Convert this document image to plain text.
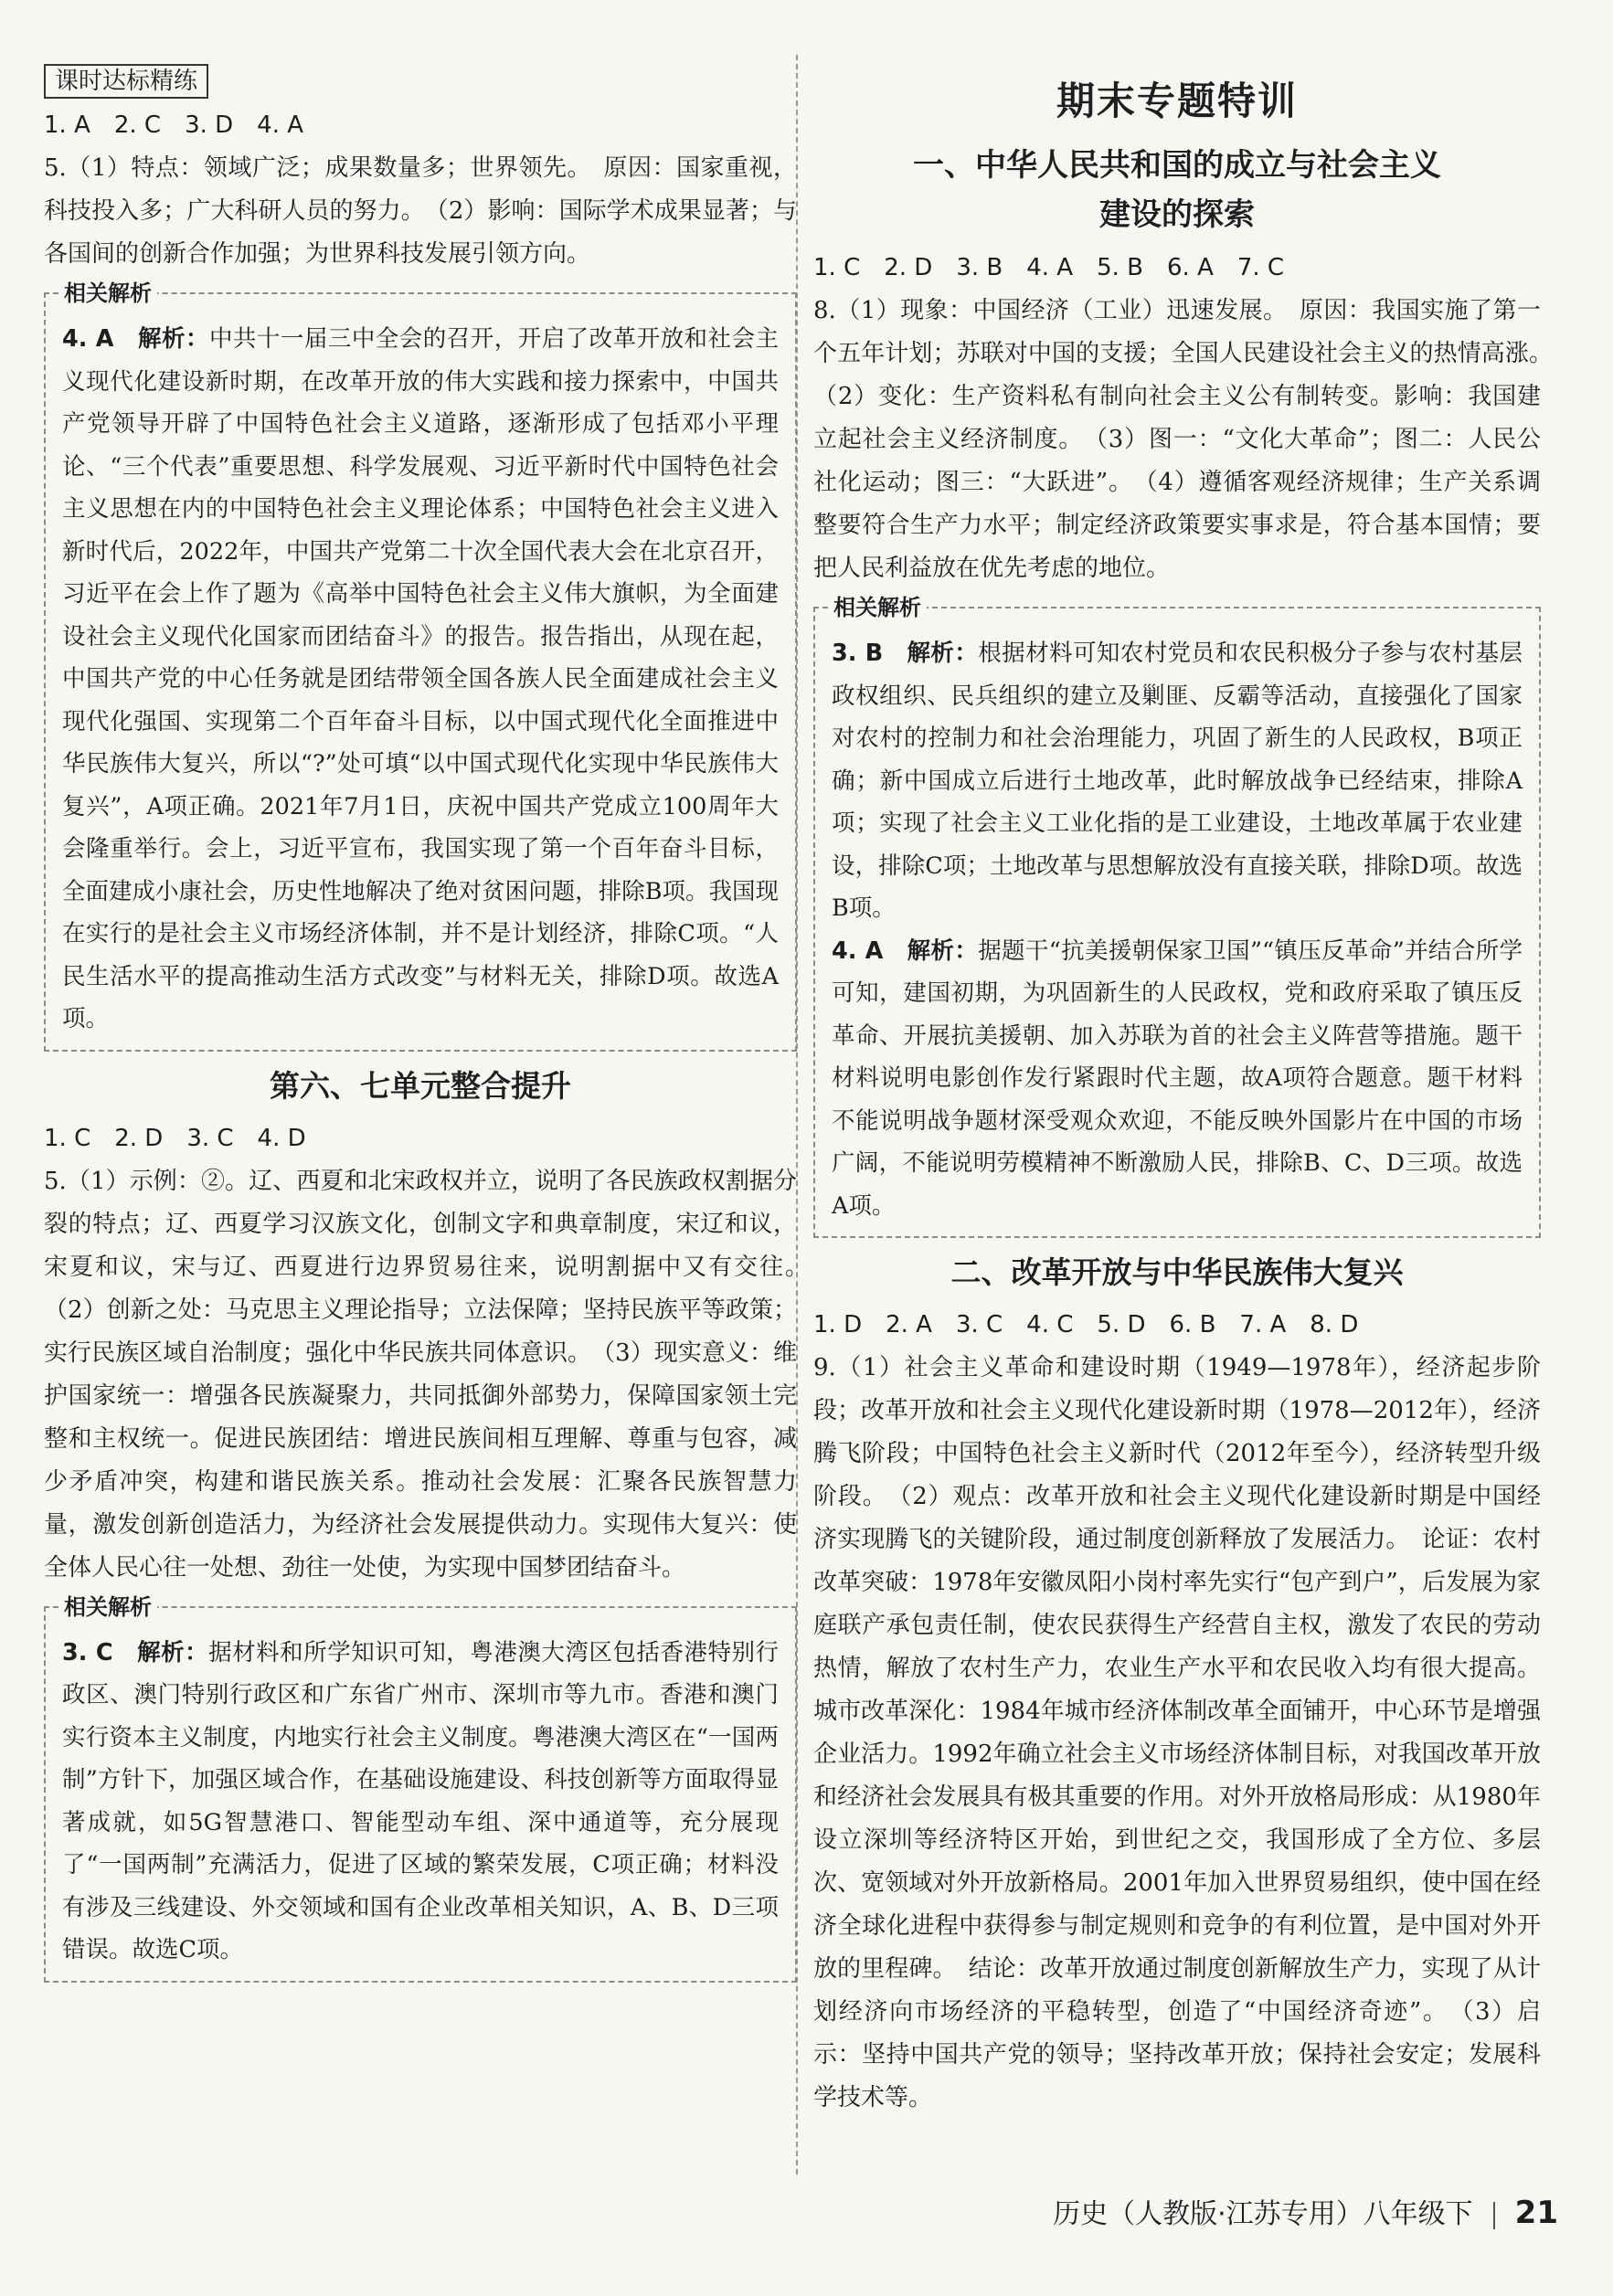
课时达标精练

1. A　2. C　3. D　4. A

5.（1）特点：领域广泛；成果数量多；世界领先。　原因：国家重视，科技投入多；广大科研人员的努力。　（2）影响：国际学术成果显著；与各国间的创新合作加强；为世界科技发展引领方向。

相关解析

4. A　解析：中共十一届三中全会的召开，开启了改革开放和社会主义现代化建设新时期，在改革开放的伟大实践和接力探索中，中国共产党领导开辟了中国特色社会主义道路，逐渐形成了包括邓小平理论、“三个代表”重要思想、科学发展观、习近平新时代中国特色社会主义思想在内的中国特色社会主义理论体系；中国特色社会主义进入新时代后，2022年，中国共产党第二十次全国代表大会在北京召开，习近平在会上作了题为《高举中国特色社会主义伟大旗帜，为全面建设社会主义现代化国家而团结奋斗》的报告。报告指出，从现在起，中国共产党的中心任务就是团结带领全国各族人民全面建成社会主义现代化强国、实现第二个百年奋斗目标，以中国式现代化全面推进中华民族伟大复兴，所以“?”处可填“以中国式现代化实现中华民族伟大复兴”，A项正确。2021年7月1日，庆祝中国共产党成立100周年大会隆重举行。会上，习近平宣布，我国实现了第一个百年奋斗目标，全面建成小康社会，历史性地解决了绝对贫困问题，排除B项。我国现在实行的是社会主义市场经济体制，并不是计划经济，排除C项。“人民生活水平的提高推动生活方式改变”与材料无关，排除D项。故选A项。

第六、七单元整合提升

1. C　2. D　3. C　4. D

5.（1）示例：②。辽、西夏和北宋政权并立，说明了各民族政权割据分裂的特点；辽、西夏学习汉族文化，创制文字和典章制度，宋辽和议，宋夏和议，宋与辽、西夏进行边界贸易往来，说明割据中又有交往。　（2）创新之处：马克思主义理论指导；立法保障；坚持民族平等政策；实行民族区域自治制度；强化中华民族共同体意识。　（3）现实意义：维护国家统一：增强各民族凝聚力，共同抵御外部势力，保障国家领土完整和主权统一。促进民族团结：增进民族间相互理解、尊重与包容，减少矛盾冲突，构建和谐民族关系。推动社会发展：汇聚各民族智慧力量，激发创新创造活力，为经济社会发展提供动力。实现伟大复兴：使全体人民心往一处想、劲往一处使，为实现中国梦团结奋斗。

相关解析

3. C　解析：据材料和所学知识可知，粤港澳大湾区包括香港特别行政区、澳门特别行政区和广东省广州市、深圳市等九市。香港和澳门实行资本主义制度，内地实行社会主义制度。粤港澳大湾区在“一国两制”方针下，加强区域合作，在基础设施建设、科技创新等方面取得显著成就，如5G智慧港口、智能型动车组、深中通道等，充分展现了“一国两制”充满活力，促进了区域的繁荣发展，C项正确；材料没有涉及三线建设、外交领域和国有企业改革相关知识，A、B、D三项错误。故选C项。

期末专题特训
一、中华人民共和国的成立与社会主义
建设的探索

1. C　2. D　3. B　4. A　5. B　6. A　7. C

8.（1）现象：中国经济（工业）迅速发展。　原因：我国实施了第一个五年计划；苏联对中国的支援；全国人民建设社会主义的热情高涨。　（2）变化：生产资料私有制向社会主义公有制转变。影响：我国建立起社会主义经济制度。　（3）图一：“文化大革命”；图二：人民公社化运动；图三：“大跃进”。　（4）遵循客观经济规律；生产关系调整要符合生产力水平；制定经济政策要实事求是，符合基本国情；要把人民利益放在优先考虑的地位。

相关解析

3. B　解析：根据材料可知农村党员和农民积极分子参与农村基层政权组织、民兵组织的建立及剿匪、反霸等活动，直接强化了国家对农村的控制力和社会治理能力，巩固了新生的人民政权，B项正确；新中国成立后进行土地改革，此时解放战争已经结束，排除A项；实现了社会主义工业化指的是工业建设，土地改革属于农业建设，排除C项；土地改革与思想解放没有直接关联，排除D项。故选B项。

4. A　解析：据题干“抗美援朝保家卫国”“镇压反革命”并结合所学可知，建国初期，为巩固新生的人民政权，党和政府采取了镇压反革命、开展抗美援朝、加入苏联为首的社会主义阵营等措施。题干材料说明电影创作发行紧跟时代主题，故A项符合题意。题干材料不能说明战争题材深受观众欢迎，不能反映外国影片在中国的市场广阔，不能说明劳模精神不断激励人民，排除B、C、D三项。故选A项。

二、改革开放与中华民族伟大复兴

1. D　2. A　3. C　4. C　5. D　6. B　7. A　8. D

9.（1）社会主义革命和建设时期（1949—1978年），经济起步阶段；改革开放和社会主义现代化建设新时期（1978—2012年），经济腾飞阶段；中国特色社会主义新时代（2012年至今），经济转型升级阶段。　（2）观点：改革开放和社会主义现代化建设新时期是中国经济实现腾飞的关键阶段，通过制度创新释放了发展活力。　论证：农村改革突破：1978年安徽凤阳小岗村率先实行“包产到户”，后发展为家庭联产承包责任制，使农民获得生产经营自主权，激发了农民的劳动热情，解放了农村生产力，农业生产水平和农民收入均有很大提高。城市改革深化：1984年城市经济体制改革全面铺开，中心环节是增强企业活力。1992年确立社会主义市场经济体制目标，对我国改革开放和经济社会发展具有极其重要的作用。对外开放格局形成：从1980年设立深圳等经济特区开始，到世纪之交，我国形成了全方位、多层次、宽领域对外开放新格局。2001年加入世界贸易组织，使中国在经济全球化进程中获得参与制定规则和竞争的有利位置，是中国对外开放的里程碑。　结论：改革开放通过制度创新解放生产力，实现了从计划经济向市场经济的平稳转型，创造了“中国经济奇迹”。　（3）启示：坚持中国共产党的领导；坚持改革开放；保持社会安定；发展科学技术等。

历史（人教版·江苏专用）八年级下 21
